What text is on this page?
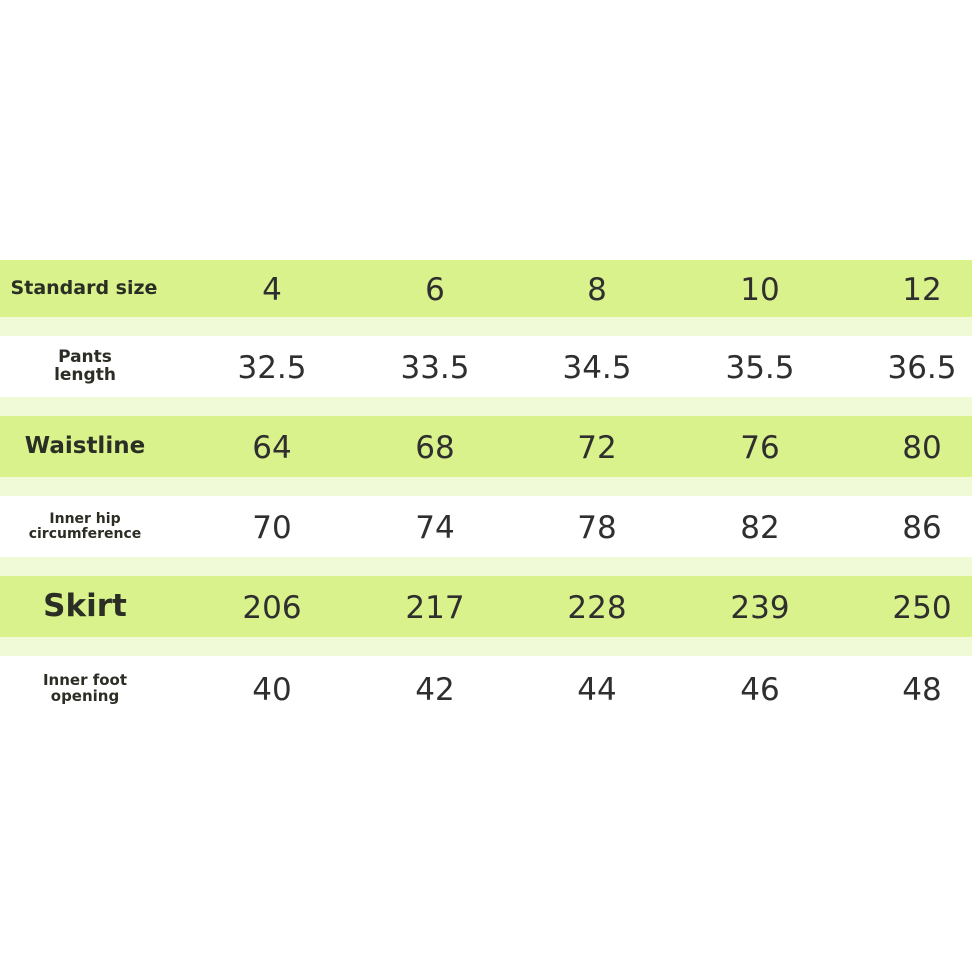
Standard size	4	6	8	10	12
Pants length	32.5	33.5	34.5	35.5	36.5
Waistline	64	68	72	76	80
Inner hip circumference	70	74	78	82	86
Skirt	206	217	228	239	250
Inner foot opening	40	42	44	46	48
